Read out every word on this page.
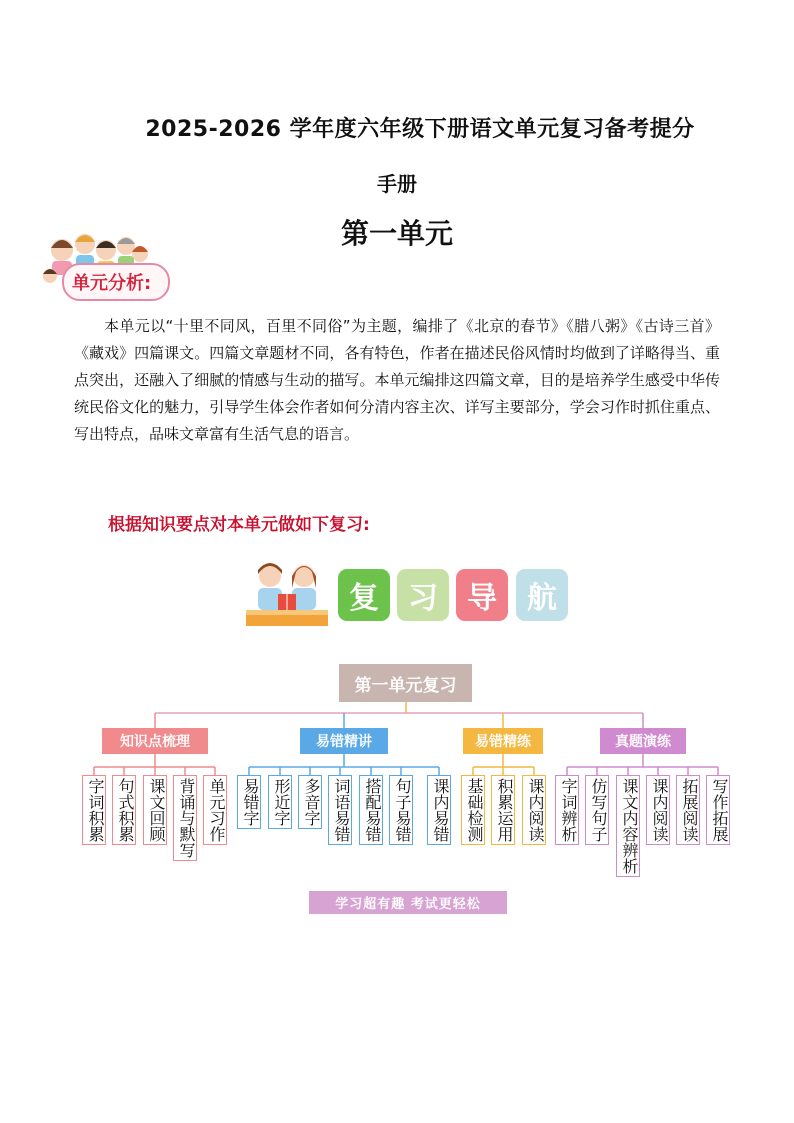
2025-2026 学年度六年级下册语文单元复习备考提分
手册
第一单元
单元分析:
本单元以“十里不同风，百里不同俗”为主题，编排了《北京的春节》《腊八粥》《古诗三首》《藏戏》四篇课文。四篇文章题材不同，各有特色，作者在描述民俗风情时均做到了详略得当、重点突出，还融入了细腻的情感与生动的描写。本单元编排这四篇文章，目的是培养学生感受中华传统民俗文化的魅力，引导学生体会作者如何分清内容主次、详写主要部分，学会习作时抓住重点、写出特点，品味文章富有生活气息的语言。
根据知识要点对本单元做如下复习:
复 习 导	航
第一单元复习
知识点梳理	易错精讲	易错精练	真题演练
字词积累 句式积累 课文回顾 背诵与默写 单元习作 易错字 形近字 多音字 词语易错 搭配易错 句子易错 课内易错 基础检测 积累运用 课内阅读 字词辨析 仿写句子 课文内容辨析 课内阅读 拓展阅读 写作拓展
学习超有趣 考试更轻松
